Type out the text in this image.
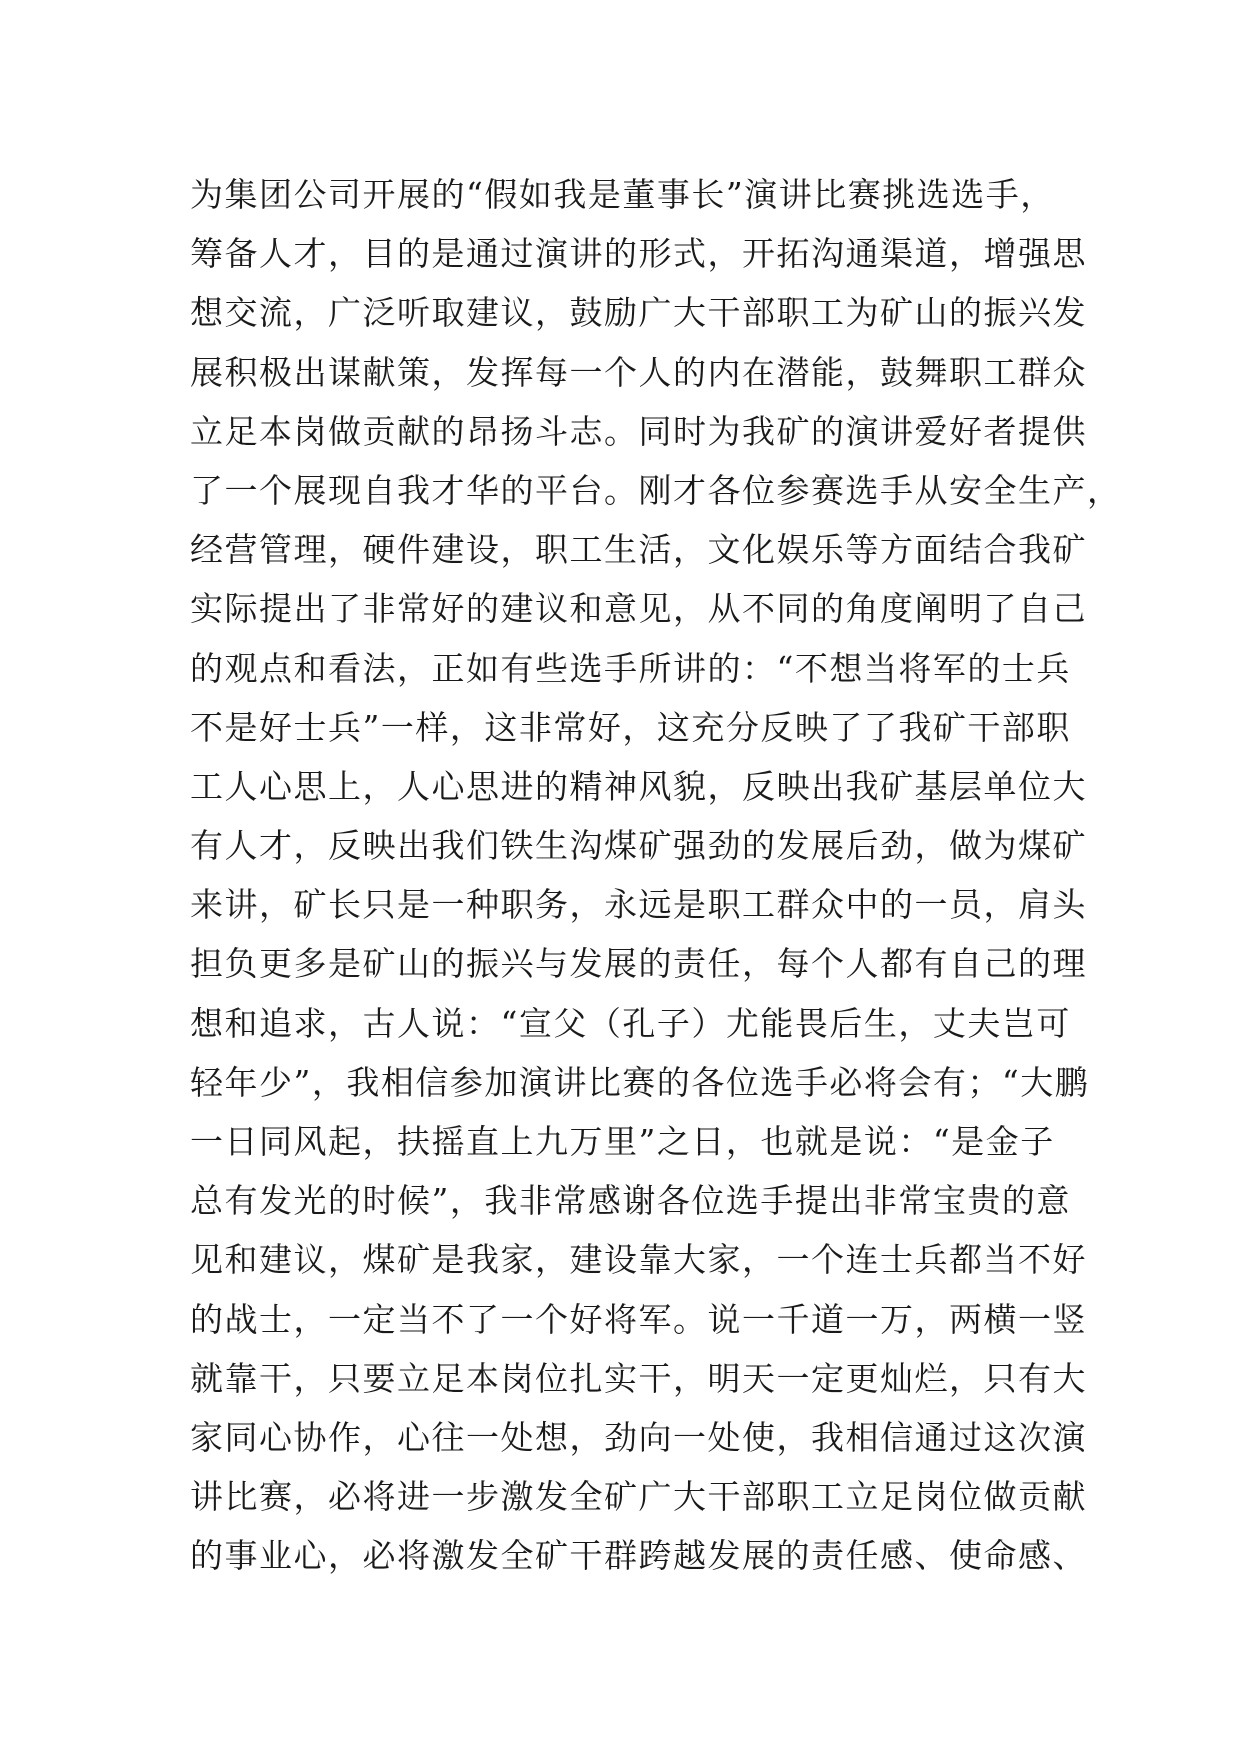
为集团公司开展的“假如我是董事长”演讲比赛挑选选手，
筹备人才，目的是通过演讲的形式，开拓沟通渠道，增强思
想交流，广泛听取建议，鼓励广大干部职工为矿山的振兴发
展积极出谋献策，发挥每一个人的内在潜能，鼓舞职工群众
立足本岗做贡献的昂扬斗志。同时为我矿的演讲爱好者提供
了一个展现自我才华的平台。刚才各位参赛选手从安全生产，
经营管理，硬件建设，职工生活，文化娱乐等方面结合我矿
实际提出了非常好的建议和意见，从不同的角度阐明了自己
的观点和看法，正如有些选手所讲的：“不想当将军的士兵
不是好士兵”一样，这非常好，这充分反映了了我矿干部职
工人心思上，人心思进的精神风貌，反映出我矿基层单位大
有人才，反映出我们铁生沟煤矿强劲的发展后劲，做为煤矿
来讲，矿长只是一种职务，永远是职工群众中的一员，肩头
担负更多是矿山的振兴与发展的责任，每个人都有自己的理
想和追求，古人说：“宣父（孔子）尤能畏后生，丈夫岂可
轻年少”，我相信参加演讲比赛的各位选手必将会有；“大鹏
一日同风起，扶摇直上九万里”之日，也就是说：“是金子
总有发光的时候”，我非常感谢各位选手提出非常宝贵的意
见和建议，煤矿是我家，建设靠大家，一个连士兵都当不好
的战士，一定当不了一个好将军。说一千道一万，两横一竖
就靠干，只要立足本岗位扎实干，明天一定更灿烂，只有大
家同心协作，心往一处想，劲向一处使，我相信通过这次演
讲比赛，必将进一步激发全矿广大干部职工立足岗位做贡献
的事业心，必将激发全矿干群跨越发展的责任感、使命感、
